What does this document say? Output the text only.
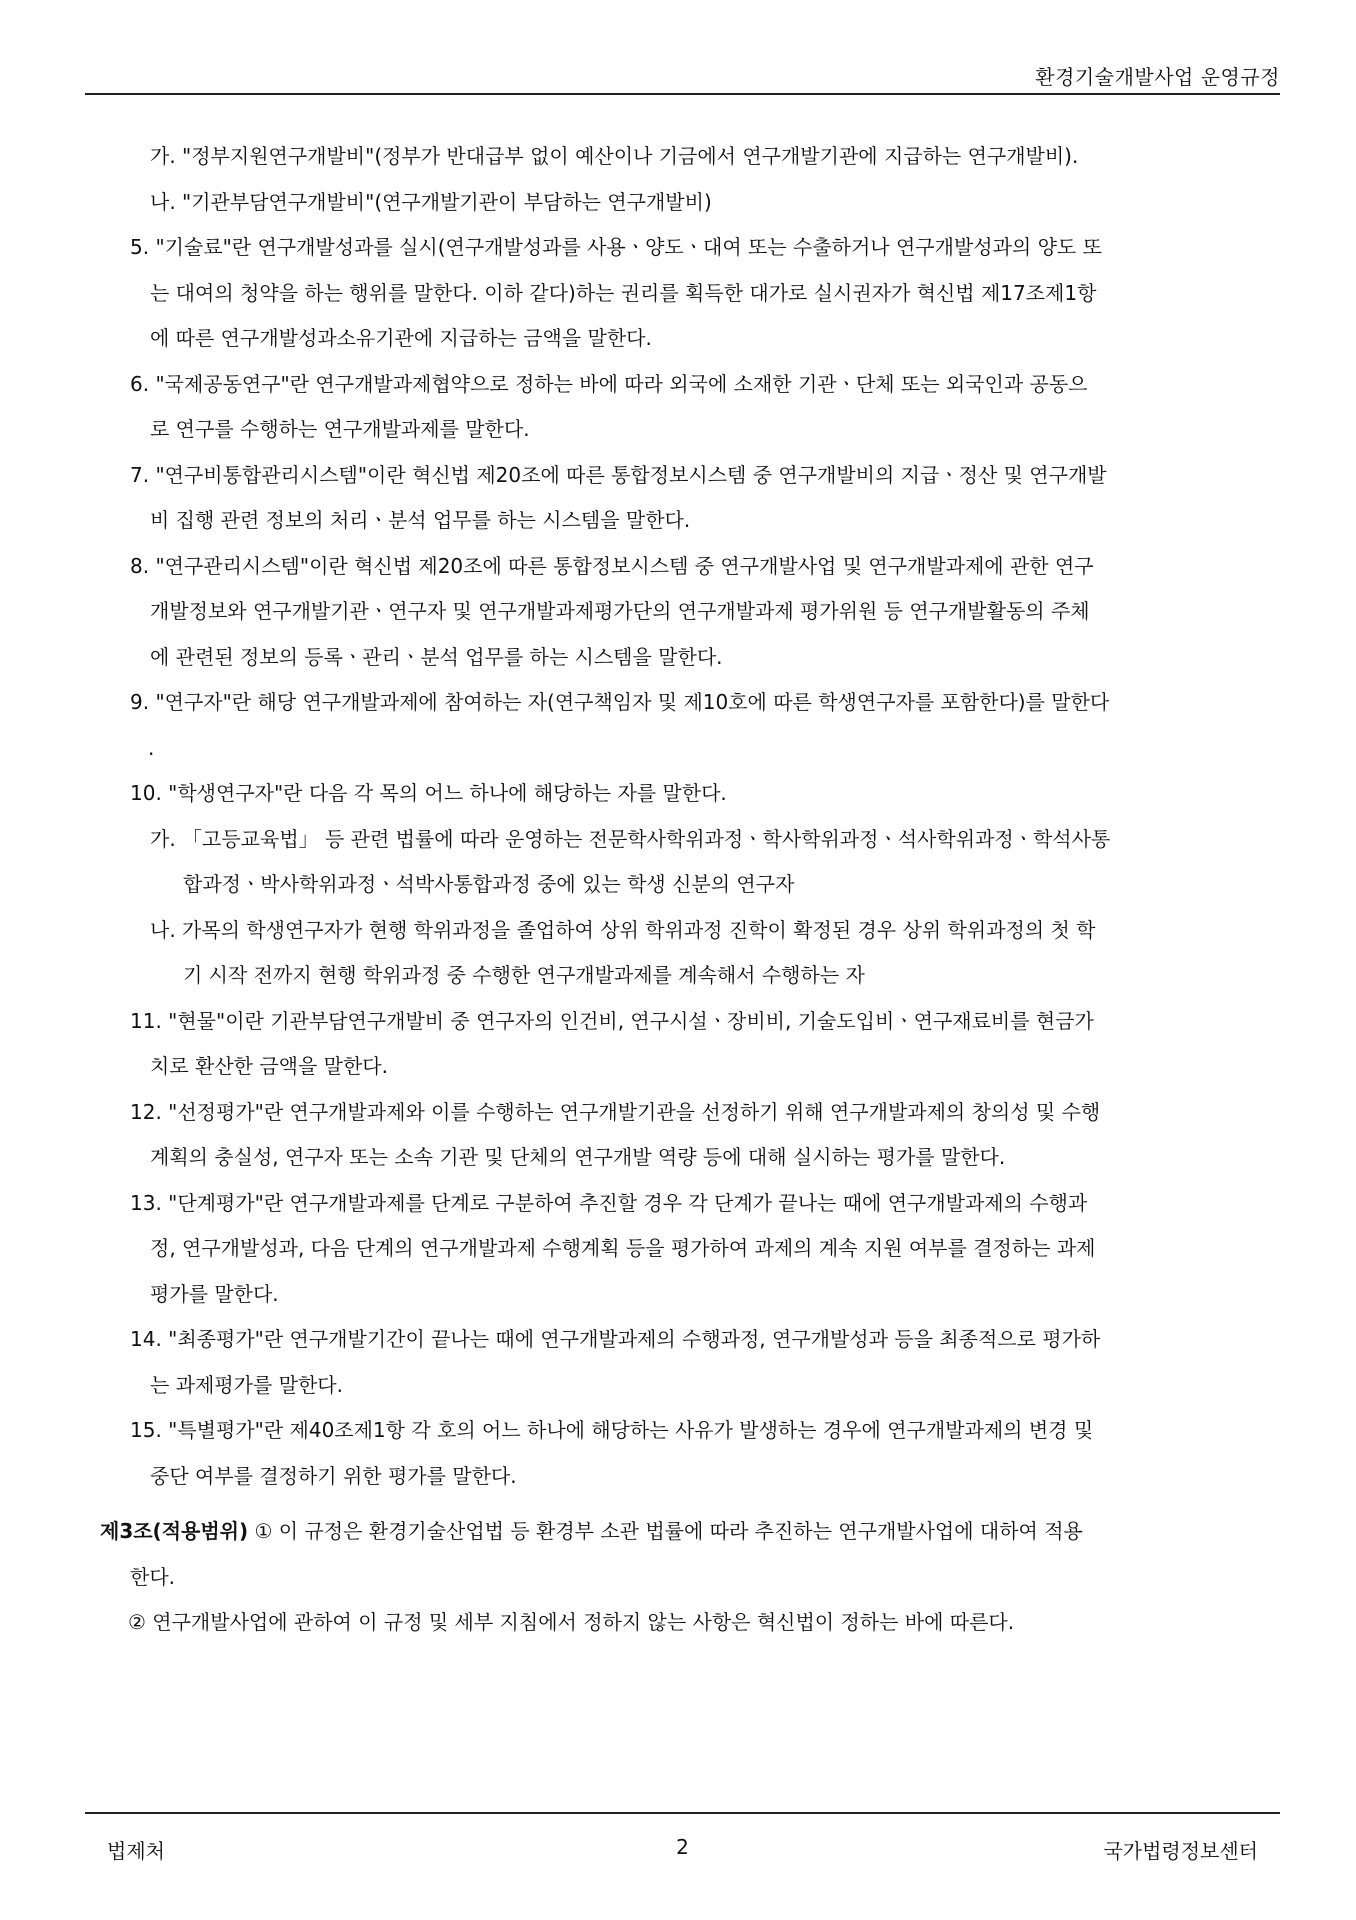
환경기술개발사업 운영규정
가. "정부지원연구개발비"(정부가 반대급부 없이 예산이나 기금에서 연구개발기관에 지급하는 연구개발비).
나. "기관부담연구개발비"(연구개발기관이 부담하는 연구개발비)
5. "기술료"란 연구개발성과를 실시(연구개발성과를 사용ㆍ양도ㆍ대여 또는 수출하거나 연구개발성과의 양도 또
는 대여의 청약을 하는 행위를 말한다. 이하 같다)하는 권리를 획득한 대가로 실시권자가 혁신법 제17조제1항
에 따른 연구개발성과소유기관에 지급하는 금액을 말한다.
6. "국제공동연구"란 연구개발과제협약으로 정하는 바에 따라 외국에 소재한 기관ㆍ단체 또는 외국인과 공동으
로 연구를 수행하는 연구개발과제를 말한다.
7. "연구비통합관리시스템"이란 혁신법 제20조에 따른 통합정보시스템 중 연구개발비의 지급ㆍ정산 및 연구개발
비 집행 관련 정보의 처리ㆍ분석 업무를 하는 시스템을 말한다.
8. "연구관리시스템"이란 혁신법 제20조에 따른 통합정보시스템 중 연구개발사업 및 연구개발과제에 관한 연구
개발정보와 연구개발기관ㆍ연구자 및 연구개발과제평가단의 연구개발과제 평가위원 등 연구개발활동의 주체
에 관련된 정보의 등록ㆍ관리ㆍ분석 업무를 하는 시스템을 말한다.
9. "연구자"란 해당 연구개발과제에 참여하는 자(연구책임자 및 제10호에 따른 학생연구자를 포함한다)를 말한다
.
10. "학생연구자"란 다음 각 목의 어느 하나에 해당하는 자를 말한다.
가. 「고등교육법」 등 관련 법률에 따라 운영하는 전문학사학위과정ㆍ학사학위과정ㆍ석사학위과정ㆍ학석사통
합과정ㆍ박사학위과정ㆍ석박사통합과정 중에 있는 학생 신분의 연구자
나. 가목의 학생연구자가 현행 학위과정을 졸업하여 상위 학위과정 진학이 확정된 경우 상위 학위과정의 첫 학
기 시작 전까지 현행 학위과정 중 수행한 연구개발과제를 계속해서 수행하는 자
11. "현물"이란 기관부담연구개발비 중 연구자의 인건비, 연구시설ㆍ장비비, 기술도입비ㆍ연구재료비를 현금가
치로 환산한 금액을 말한다.
12. "선정평가"란 연구개발과제와 이를 수행하는 연구개발기관을 선정하기 위해 연구개발과제의 창의성 및 수행
계획의 충실성, 연구자 또는 소속 기관 및 단체의 연구개발 역량 등에 대해 실시하는 평가를 말한다.
13. "단계평가"란 연구개발과제를 단계로 구분하여 추진할 경우 각 단계가 끝나는 때에 연구개발과제의 수행과
정, 연구개발성과, 다음 단계의 연구개발과제 수행계획 등을 평가하여 과제의 계속 지원 여부를 결정하는 과제
평가를 말한다.
14. "최종평가"란 연구개발기간이 끝나는 때에 연구개발과제의 수행과정, 연구개발성과 등을 최종적으로 평가하
는 과제평가를 말한다.
15. "특별평가"란 제40조제1항 각 호의 어느 하나에 해당하는 사유가 발생하는 경우에 연구개발과제의 변경 및
중단 여부를 결정하기 위한 평가를 말한다.
제3조(적용범위) ① 이 규정은 환경기술산업법 등 환경부 소관 법률에 따라 추진하는 연구개발사업에 대하여 적용
한다.
② 연구개발사업에 관하여 이 규정 및 세부 지침에서 정하지 않는 사항은 혁신법이 정하는 바에 따른다.
법제처	2	국가법령정보센터
